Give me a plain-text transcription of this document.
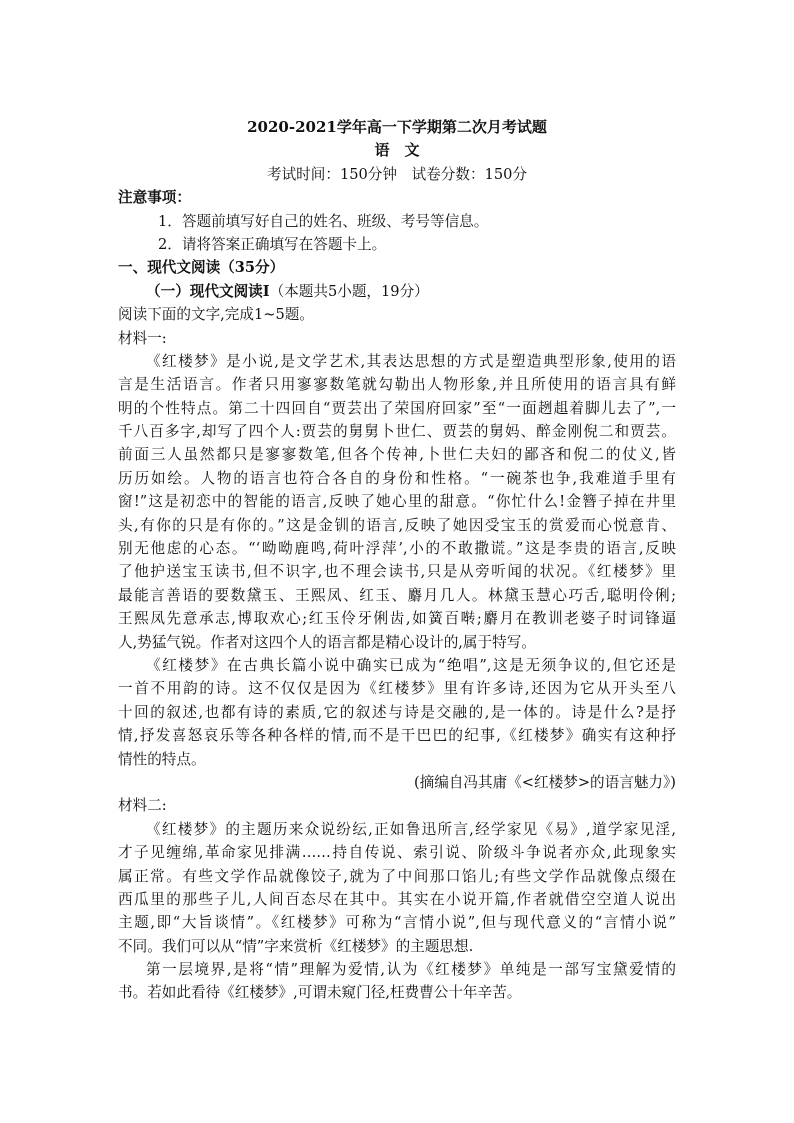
2020-2021学年高一下学期第二次月考试题
语　文
考试时间：150分钟　试卷分数：150分
注意事项：
1．答题前填写好自己的姓名、班级、考号等信息。
2．请将答案正确填写在答题卡上。
一、现代文阅读（35分）
（一）现代文阅读Ⅰ（本题共5小题，19分）
阅读下面的文字,完成1~5题。
材料一:
《红楼梦》是小说,是文学艺术,其表达思想的方式是塑造典型形象,使用的语
言是生活语言。作者只用寥寥数笔就勾勒出人物形象,并且所使用的语言具有鲜
明的个性特点。第二十四回自“贾芸出了荣国府回家”至“一面趔趄着脚儿去了”,一
千八百多字,却写了四个人:贾芸的舅舅卜世仁、贾芸的舅妈、醉金刚倪二和贾芸。
前面三人虽然都只是寥寥数笔,但各个传神,卜世仁夫妇的鄙吝和倪二的仗义,皆
历历如绘。人物的语言也符合各自的身份和性格。“一碗茶也争,我难道手里有
窗!”这是初恋中的智能的语言,反映了她心里的甜意。“你忙什么!金簪子掉在井里
头,有你的只是有你的。”这是金钏的语言,反映了她因受宝玉的赏爱而心悦意肯、
别无他虑的心态。“‘呦呦鹿鸣,荷叶浮萍’,小的不敢撒谎。”这是李贵的语言,反映
了他护送宝玉读书,但不识字,也不理会读书,只是从旁听闻的状况。《红楼梦》里
最能言善语的要数黛玉、王熙凤、红玉、麝月几人。林黛玉慧心巧舌,聪明伶俐;
王熙凤先意承志,博取欢心;红玉伶牙俐齿,如簧百啭;麝月在教训老婆子时词锋逼
人,势猛气锐。作者对这四个人的语言都是精心设计的,属于特写。
《红楼梦》在古典长篇小说中确实已成为“绝唱”,这是无须争议的,但它还是
一首不用韵的诗。这不仅仅是因为《红楼梦》里有许多诗,还因为它从开头至八
十回的叙述,也都有诗的素质,它的叙述与诗是交融的,是一体的。诗是什么?是抒
情,抒发喜怒哀乐等各种各样的情,而不是干巴巴的纪事,《红楼梦》确实有这种抒
情性的特点。
(摘编自冯其庸《<红楼梦>的语言魅力》)
材料二:
《红楼梦》的主题历来众说纷纭,正如鲁迅所言,经学家见《易》,道学家见淫,
才子见缠绵,革命家见排满……持自传说、索引说、阶级斗争说者亦众,此现象实
属正常。有些文学作品就像饺子,就为了中间那口馅儿;有些文学作品就像点缀在
西瓜里的那些子儿,人间百态尽在其中。其实在小说开篇,作者就借空空道人说出
主题,即“大旨谈情”。《红楼梦》可称为“言情小说”,但与现代意义的“言情小说”
不同。我们可以从“情”字来赏析《红楼梦》的主题思想.
第一层境界,是将“情”理解为爱情,认为《红楼梦》单纯是一部写宝黛爱情的
书。若如此看待《红楼梦》,可谓未窥门径,枉费曹公十年辛苦。
